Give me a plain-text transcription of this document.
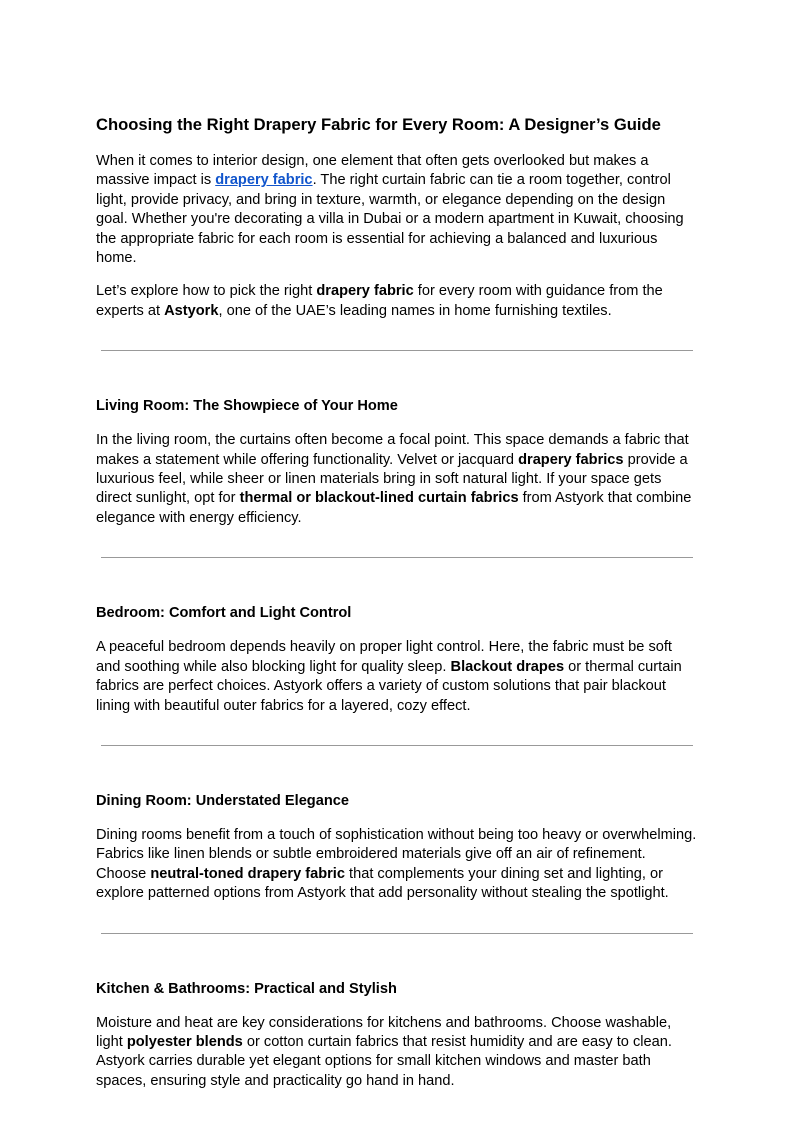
Choosing the Right Drapery Fabric for Every Room: A Designer’s Guide

When it comes to interior design, one element that often gets overlooked but makes a massive impact is drapery fabric. The right curtain fabric can tie a room together, control light, provide privacy, and bring in texture, warmth, or elegance depending on the design goal. Whether you're decorating a villa in Dubai or a modern apartment in Kuwait, choosing the appropriate fabric for each room is essential for achieving a balanced and luxurious home.

Let’s explore how to pick the right drapery fabric for every room with guidance from the experts at Astyork, one of the UAE’s leading names in home furnishing textiles.

Living Room: The Showpiece of Your Home

In the living room, the curtains often become a focal point. This space demands a fabric that makes a statement while offering functionality. Velvet or jacquard drapery fabrics provide a luxurious feel, while sheer or linen materials bring in soft natural light. If your space gets direct sunlight, opt for thermal or blackout-lined curtain fabrics from Astyork that combine elegance with energy efficiency.

Bedroom: Comfort and Light Control

A peaceful bedroom depends heavily on proper light control. Here, the fabric must be soft and soothing while also blocking light for quality sleep. Blackout drapes or thermal curtain fabrics are perfect choices. Astyork offers a variety of custom solutions that pair blackout lining with beautiful outer fabrics for a layered, cozy effect.

Dining Room: Understated Elegance

Dining rooms benefit from a touch of sophistication without being too heavy or overwhelming. Fabrics like linen blends or subtle embroidered materials give off an air of refinement. Choose neutral-toned drapery fabric that complements your dining set and lighting, or explore patterned options from Astyork that add personality without stealing the spotlight.

Kitchen & Bathrooms: Practical and Stylish

Moisture and heat are key considerations for kitchens and bathrooms. Choose washable, light polyester blends or cotton curtain fabrics that resist humidity and are easy to clean. Astyork carries durable yet elegant options for small kitchen windows and master bath spaces, ensuring style and practicality go hand in hand.
